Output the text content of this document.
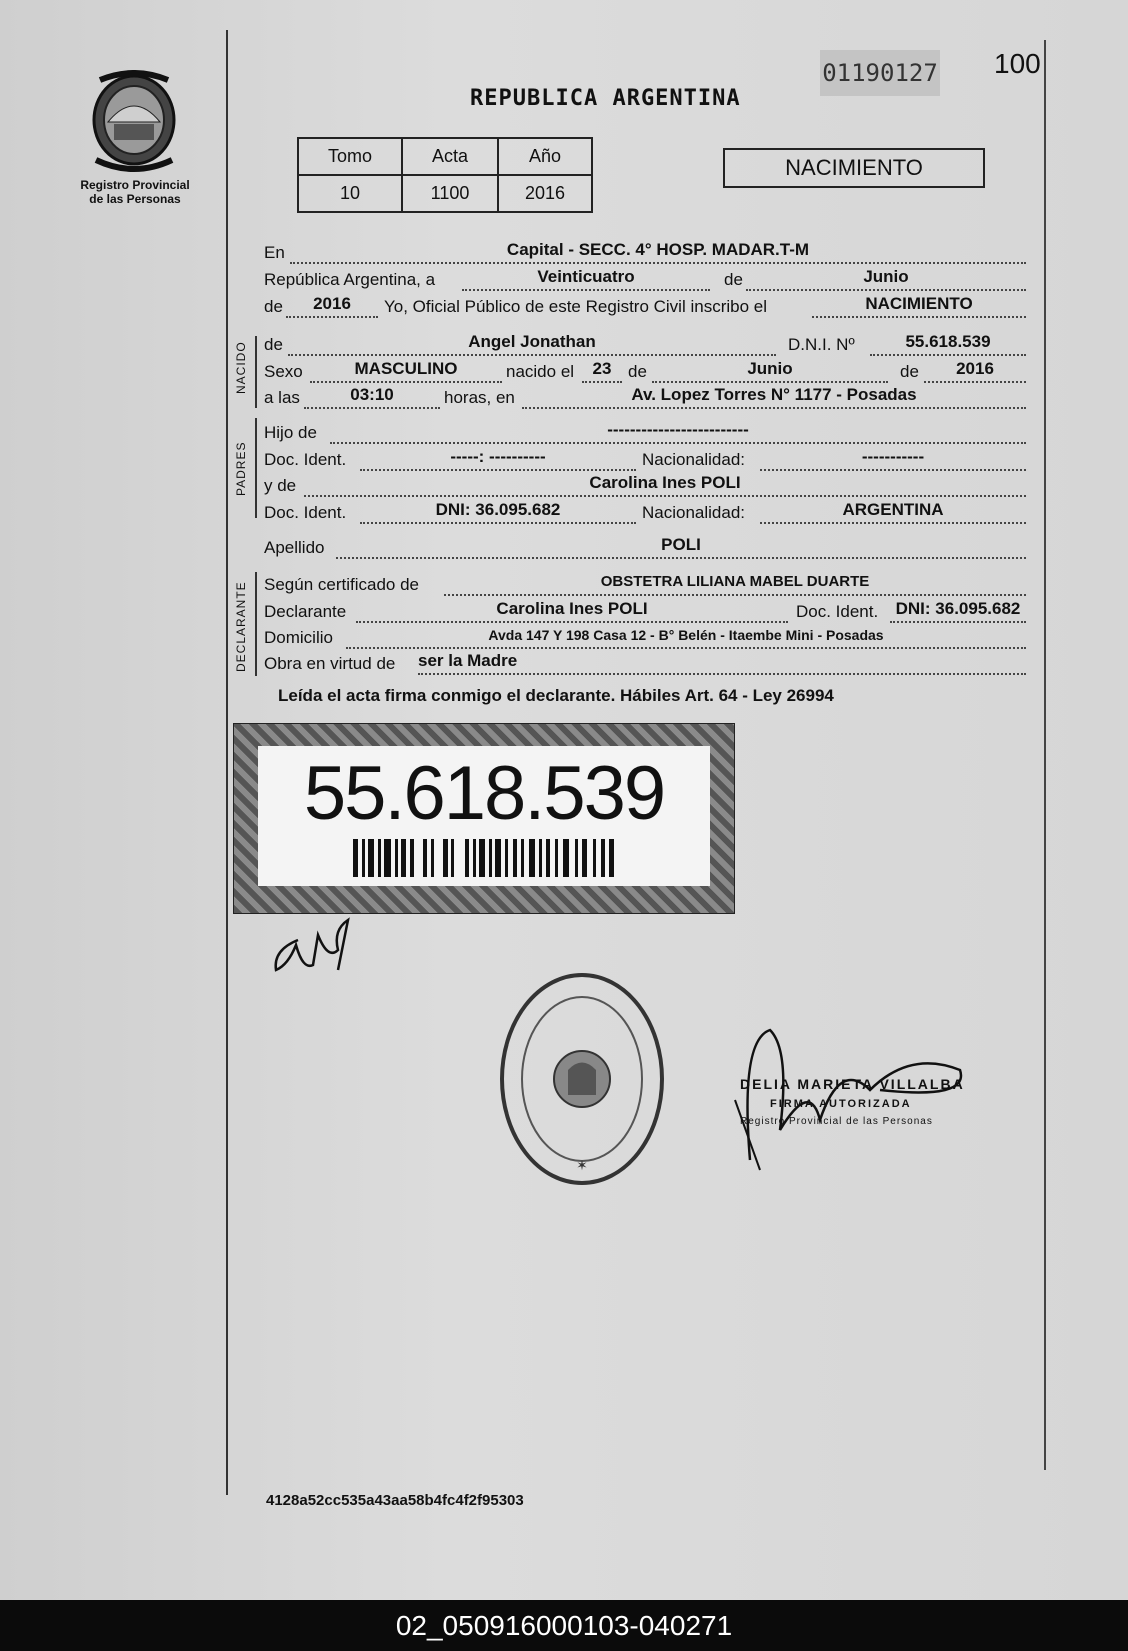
Registro Provincial
de las Personas
REPUBLICA ARGENTINA
01190127 100
Tomo	Acta	Año
10	1100	2016
NACIMIENTO
En	Capital - SECC. 4° HOSP. MADAR.T-M
República Argentina, a	Veinticuatro	de	Junio
de	2016	Yo, Oficial Público de este Registro Civil inscribo el	NACIMIENTO
NACIDO de	Angel Jonathan	D.N.I. Nº	55.618.539
Sexo	MASCULINO	nacido el	23 de	Junio	de	2016
a las	03:10	horas, en	Av. Lopez Torres N° 1177 - Posadas
PADRES
Hijo de	-------------------------
Doc. Ident.	-----: ----------	Nacionalidad:	-----------
y de	Carolina Ines POLI
Doc. Ident.	DNI: 36.095.682	Nacionalidad:	ARGENTINA
Apellido	POLI
DECLARANTE Según certificado de	OBSTETRA LILIANA MABEL DUARTE
Declarante	Carolina Ines POLI	Doc. Ident.	DNI: 36.095.682
Domicilio	Avda 147 Y 198 Casa 12 - B° Belén - Itaembe Mini - Posadas
Obra en virtud de ser la Madre
Leída el acta firma conmigo el declarante. Hábiles Art. 64 - Ley 26994
55.618.539
✶
DELIA MARIETA VILLALBA
FIRMA AUTORIZADA
Registro Provincial de las Personas
4128a52cc535a43aa58b4fc4f2f95303
02_050916000103-040271
